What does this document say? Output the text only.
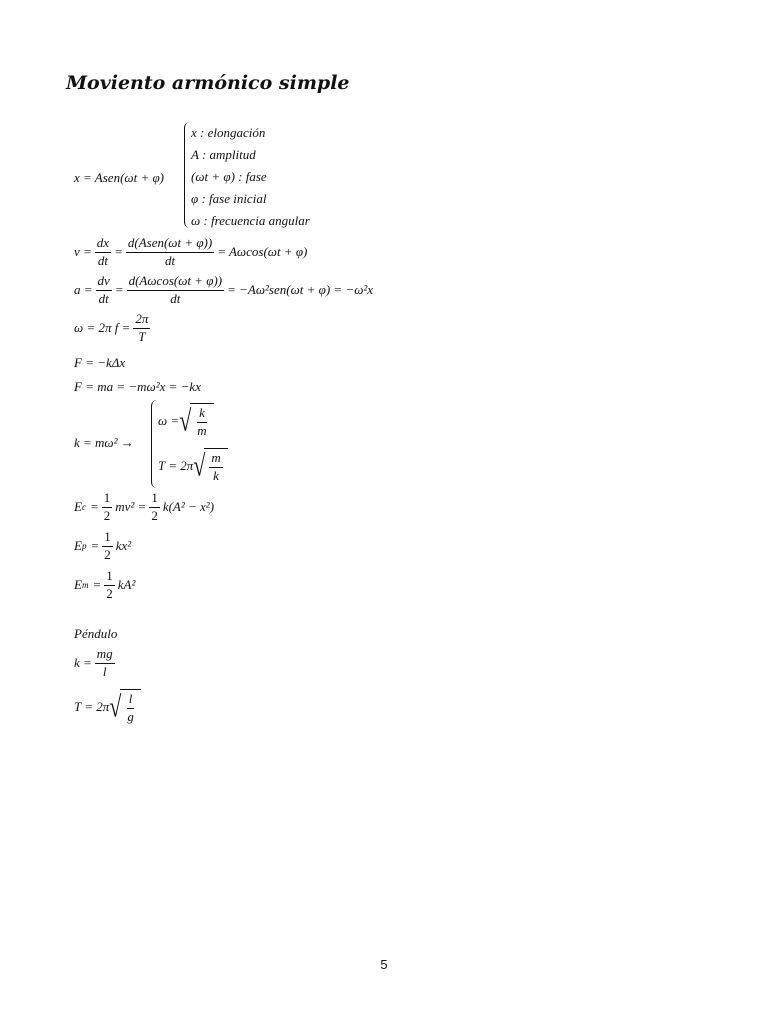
Moviento armónico simple
x = Asen(ωt + φ)
x : elongación
A : amplitud
(ωt + φ) : fase
φ : fase inicial
ω : frecuencia angular
$v = \frac{dx}{dt} = \frac{\text{d(Asen(ωt + φ))}}{dt} = A\omega\cos(\omega t + \varphi)$
$a = \frac{dv}{dt} = \frac{d(A\omega\cos(\omega t + \varphi))}{dt} = -A\omega^2sen(\omega t + \varphi) = -\omega^2x$
ω = 2π $f = \frac{2\pi}{T}$
F = −kΔx
F = ma = −mω²x = −kx
k = mω² →
ω = √ $\frac{k}{m}$
T = 2π √ $\frac{m}{k}$
E $c = \frac{1}{2} mv^2 = \frac{1}{2} k(A^2 - x^2)$
E $p = \frac{1}{2} kx^2$
E $m = \frac{1}{2} kA^2$
Péndulo
$k = \frac{mg}{l}$
T = 2π √ $\frac{l}{g}$
5
